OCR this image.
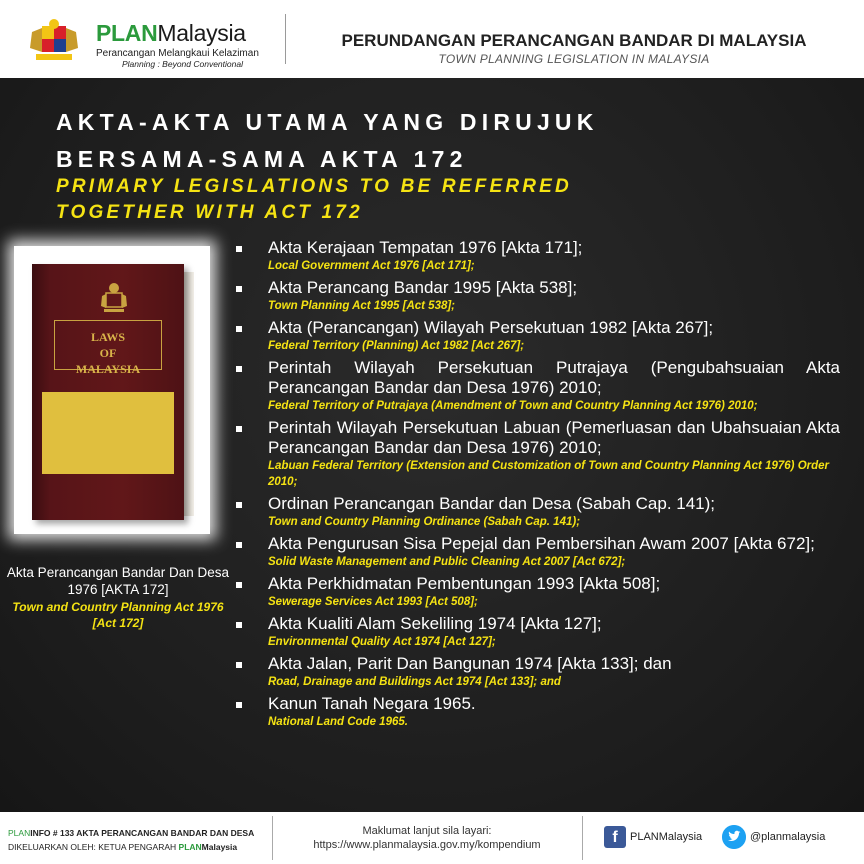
PLANMalaysia
Perancangan Melangkaui Kelaziman
Planning : Beyond Conventional
PERUNDANGAN PERANCANGAN BANDAR DI MALAYSIA
TOWN PLANNING LEGISLATION IN MALAYSIA
AKTA-AKTA UTAMA YANG DIRUJUK
BERSAMA-SAMA AKTA 172
PRIMARY LEGISLATIONS TO BE REFERRED
TOGETHER WITH ACT 172
LAWS
OF
MALAYSIA
Akta Perancangan Bandar Dan Desa 1976 [AKTA 172]
Town and Country Planning Act 1976 [Act 172]
Akta Kerajaan Tempatan 1976 [Akta 171];
Local Government Act 1976 [Act 171];
Akta Perancang Bandar 1995 [Akta 538];
Town Planning Act 1995 [Act 538];
Akta (Perancangan) Wilayah Persekutuan 1982 [Akta 267];
Federal Territory (Planning) Act 1982 [Act 267];
Perintah Wilayah Persekutuan Putrajaya (Pengubahsuaian Akta Perancangan Bandar dan Desa 1976) 2010;
Federal Territory of Putrajaya (Amendment of Town and Country Planning Act 1976) 2010;
Perintah Wilayah Persekutuan Labuan (Pemerluasan dan Ubahsuaian Akta Perancangan Bandar dan Desa 1976) 2010;
Labuan Federal Territory (Extension and Customization of Town and Country Planning Act 1976) Order 2010;
Ordinan Perancangan Bandar dan Desa (Sabah Cap. 141);
Town and Country Planning Ordinance (Sabah Cap. 141);
Akta Pengurusan Sisa Pepejal dan Pembersihan Awam 2007 [Akta 672];
Solid Waste Management and Public Cleaning Act 2007 [Act 672];
Akta Perkhidmatan Pembentungan 1993 [Akta 508];
Sewerage Services Act 1993 [Act 508];
Akta Kualiti Alam Sekeliling 1974 [Akta 127];
Environmental Quality Act 1974 [Act 127];
Akta Jalan, Parit Dan Bangunan 1974 [Akta 133]; dan
Road, Drainage and Buildings Act 1974 [Act 133]; and
Kanun Tanah Negara 1965.
National Land Code 1965.
PLANINFO # 133 AKTA PERANCANGAN BANDAR DAN DESA
DIKELUARKAN OLEH: KETUA PENGARAH PLANMalaysia
Maklumat lanjut sila layari:
https://www.planmalaysia.gov.my/kompendium	f	PLANMalaysia	@planmalaysia
